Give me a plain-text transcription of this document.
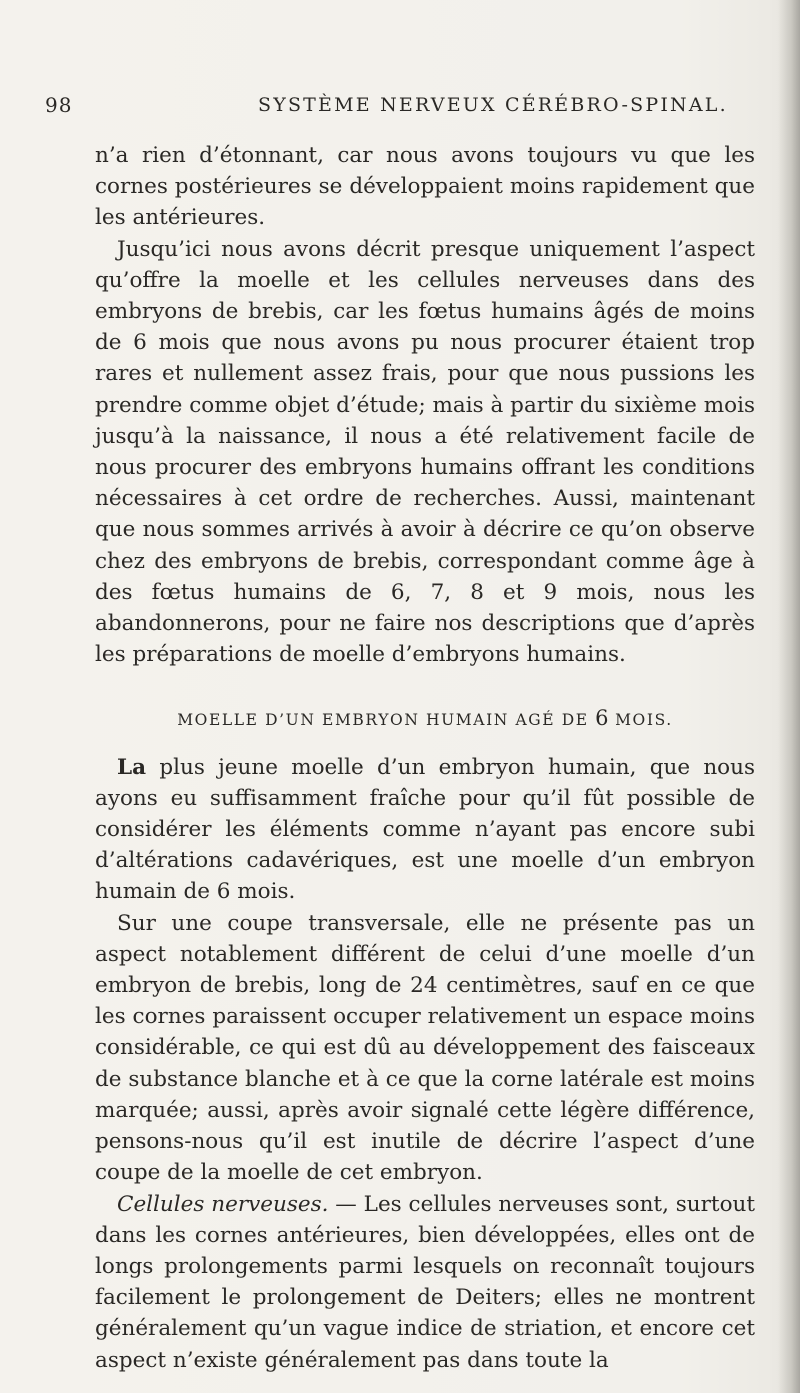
98	SYSTÈME NERVEUX CÉRÉBRO-SPINAL.

n’a rien d’étonnant, car nous avons toujours vu que les cornes postérieures se développaient moins rapidement que les antérieures.

Jusqu’ici nous avons décrit presque uniquement l’aspect qu’offre la moelle et les cellules nerveuses dans des embryons de brebis, car les fœtus humains âgés de moins de 6 mois que nous avons pu nous procurer étaient trop rares et nullement assez frais, pour que nous pussions les prendre comme objet d’étude; mais à partir du sixième mois jusqu’à la naissance, il nous a été relativement facile de nous procurer des embryons humains offrant les conditions nécessaires à cet ordre de recherches. Aussi, maintenant que nous sommes arrivés à avoir à décrire ce qu’on observe chez des embryons de brebis, correspondant comme âge à des fœtus humains de 6, 7, 8 et 9 mois, nous les abandonnerons, pour ne faire nos descriptions que d’après les préparations de moelle d’embryons humains.

MOELLE D’UN EMBRYON HUMAIN AGÉ DE 6 MOIS.

La plus jeune moelle d’un embryon humain, que nous ayons eu suffisamment fraîche pour qu’il fût possible de considérer les éléments comme n’ayant pas encore subi d’altérations cadavériques, est une moelle d’un embryon humain de 6 mois.

Sur une coupe transversale, elle ne présente pas un aspect notablement différent de celui d’une moelle d’un embryon de brebis, long de 24 centimètres, sauf en ce que les cornes paraissent occuper relativement un espace moins considérable, ce qui est dû au développement des faisceaux de substance blanche et à ce que la corne latérale est moins marquée; aussi, après avoir signalé cette légère différence, pensons-nous qu’il est inutile de décrire l’aspect d’une coupe de la moelle de cet embryon.

Cellules nerveuses. — Les cellules nerveuses sont, surtout dans les cornes antérieures, bien développées, elles ont de longs prolongements parmi lesquels on reconnaît toujours facilement le prolongement de Deiters; elles ne montrent généralement qu’un vague indice de striation, et encore cet aspect n’existe généralement pas dans toute la
